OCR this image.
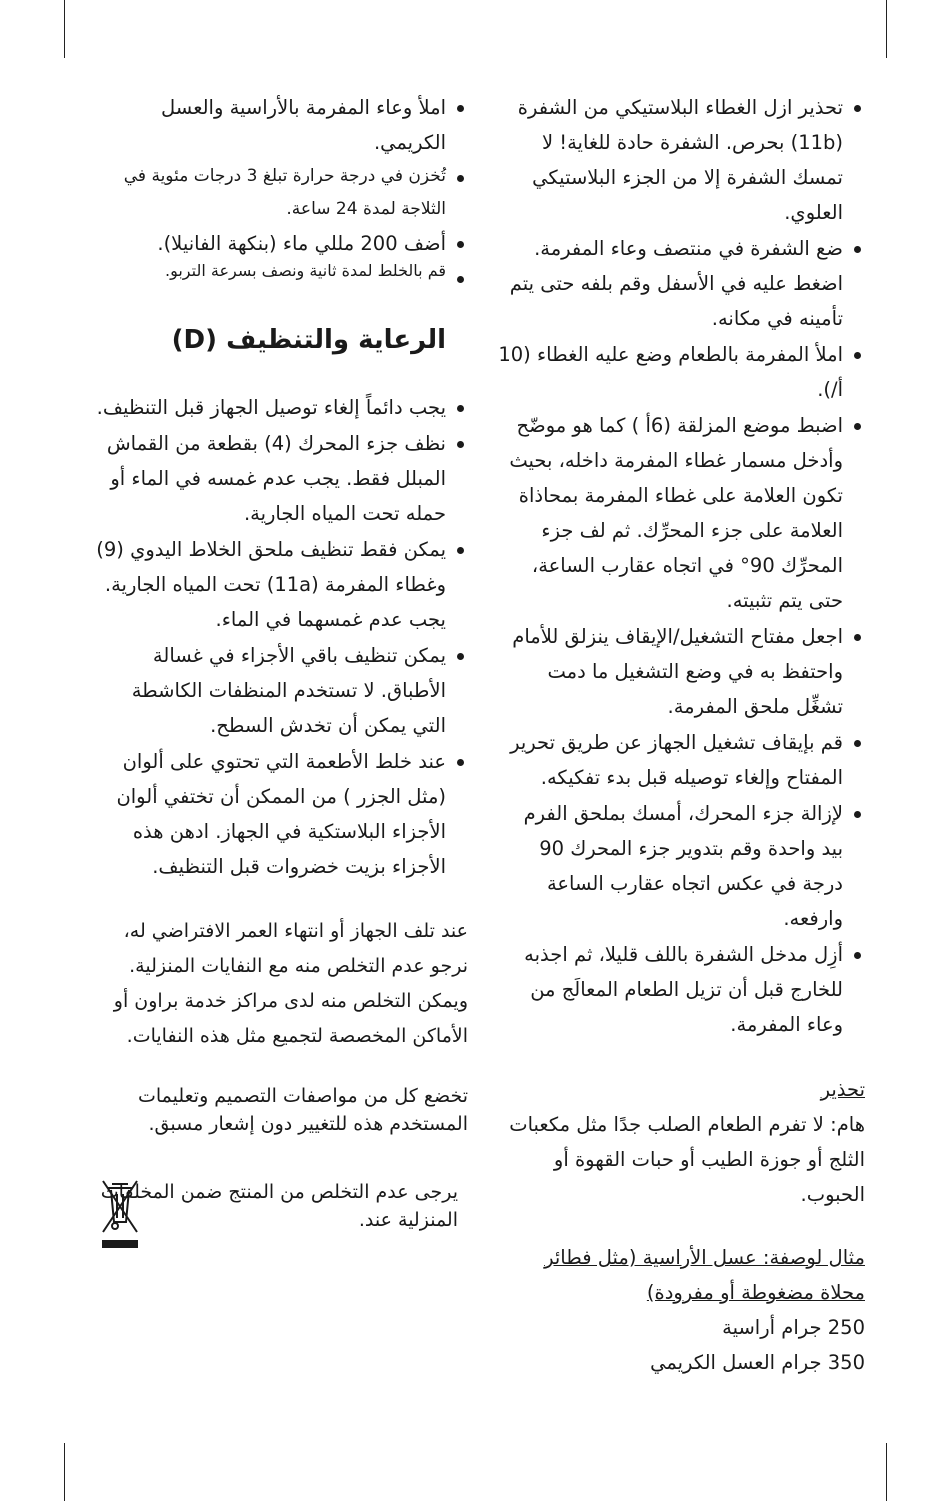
تحذير ازل الغطاء البلاستيكي من الشفرة (11b) بحرص. الشفرة حادة للغاية! لا تمسك الشفرة إلا من الجزء البلاستيكي العلوي.
ضع الشفرة في منتصف وعاء المفرمة. اضغط عليه في الأسفل وقم بلفه حتى يتم تأمينه في مكانه.
املأ المفرمة بالطعام وضع عليه الغطاء (10 أ/).
اضبط موضع المزلقة (6أ ) كما هو موضّح وأدخل مسمار غطاء المفرمة داخله، بحيث تكون العلامة على غطاء المفرمة بمحاذاة العلامة على جزء المحرِّك. ثم لف جزء المحرِّك 90° في اتجاه عقارب الساعة، حتى يتم تثبيته.
اجعل مفتاح التشغيل/الإيقاف ينزلق للأمام واحتفظ به في وضع التشغيل ما دمت تشغِّل ملحق المفرمة.
قم بإيقاف تشغيل الجهاز عن طريق تحرير المفتاح وإلغاء توصيله قبل بدء تفكيكه.
لإزالة جزء المحرك، أمسك بملحق الفرم بيد واحدة وقم بتدوير جزء المحرك 90 درجة في عكس اتجاه عقارب الساعة وارفعه.
أزِل مدخل الشفرة باللف قليلا، ثم اجذبه للخارج قبل أن تزيل الطعام المعالَج من وعاء المفرمة.
تحذير
هام: لا تفرم الطعام الصلب جدًا مثل مكعبات الثلج أو جوزة الطيب أو حبات القهوة أو الحبوب.
مثال لوصفة: عسل الأراسية (مثل فطائر
محلاة مضغوطة أو مفرودة)
250 جرام أراسية
350 جرام العسل الكريمي
املأ وعاء المفرمة بالأراسية والعسل الكريمي.
تُخزن في درجة حرارة تبلغ 3 درجات مئوية في الثلاجة لمدة 24 ساعة.
أضف 200 مللي ماء (بنكهة الفانيلا).
قم بالخلط لمدة ثانية ونصف بسرعة التربو.
الرعاية والتنظيف (D)
يجب دائماً إلغاء توصيل الجهاز قبل التنظيف.
نظف جزء المحرك (4) بقطعة من القماش المبلل فقط. يجب عدم غمسه في الماء أو حمله تحت المياه الجارية.
يمكن فقط تنظيف ملحق الخلاط اليدوي (9) وغطاء المفرمة (11a) تحت المياه الجارية. يجب عدم غمسهما في الماء.
يمكن تنظيف باقي الأجزاء في غسالة الأطباق. لا تستخدم المنظفات الكاشطة التي يمكن أن تخدش السطح.
عند خلط الأطعمة التي تحتوي على ألوان (مثل الجزر ) من الممكن أن تختفي ألوان الأجزاء البلاستكية في الجهاز. ادهن هذه الأجزاء بزيت خضروات قبل التنظيف.
عند تلف الجهاز أو انتهاء العمر الافتراضي له، نرجو عدم التخلص منه مع النفايات المنزلية. ويمكن التخلص منه لدى مراكز خدمة براون أو الأماكن المخصصة لتجميع مثل هذه النفايات.
تخضع كل من مواصفات التصميم وتعليمات المستخدم هذه للتغيير دون إشعار مسبق.
يرجى عدم التخلص من المنتج ضمن المخلفات المنزلية عند.
